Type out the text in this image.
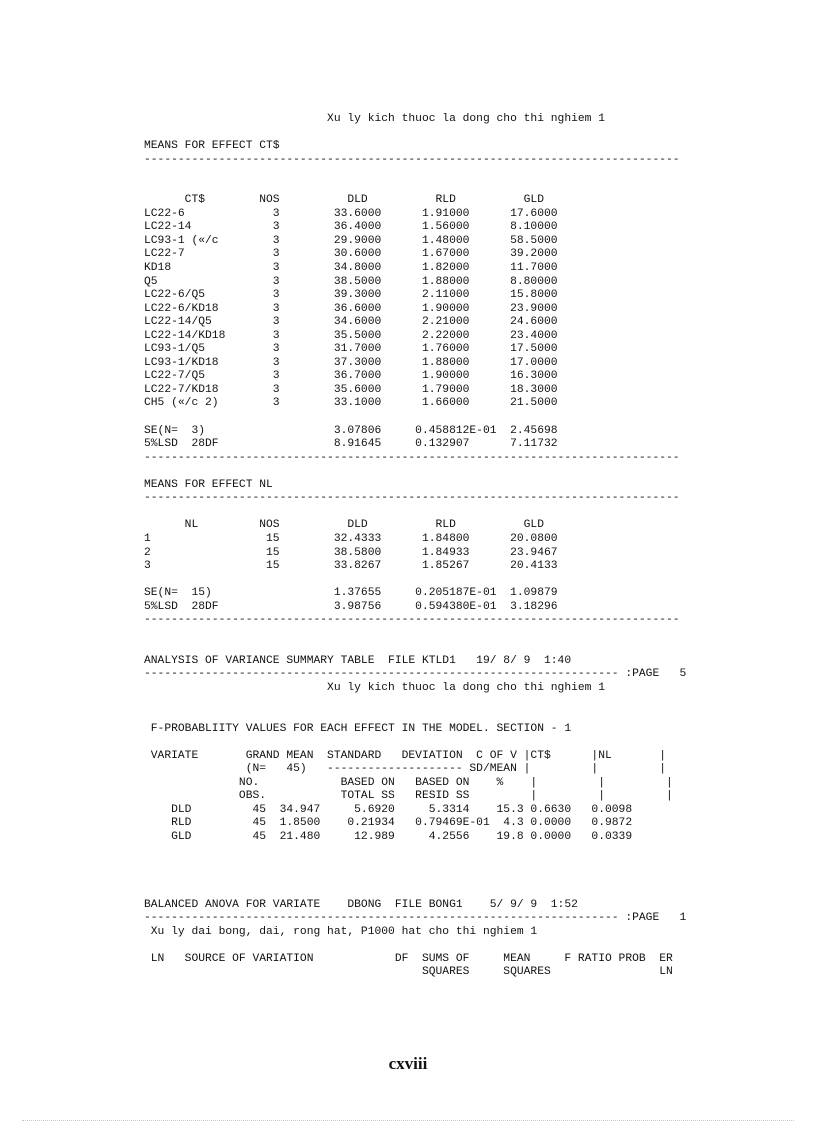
Xu ly kich thuoc la dong cho thi nghiem 1
MEANS FOR EFFECT CT$
-------------------------------------------------------------------------------
CT$        NOS          DLD          RLD          GLD
LC22-6             3        33.6000      1.91000      17.6000
LC22-14            3        36.4000      1.56000      8.10000
LC93-1 («/c        3        29.9000      1.48000      58.5000
LC22-7             3        30.6000      1.67000      39.2000
KD18               3        34.8000      1.82000      11.7000
Q5                 3        38.5000      1.88000      8.80000
LC22-6/Q5          3        39.3000      2.11000      15.8000
LC22-6/KD18        3        36.6000      1.90000      23.9000
LC22-14/Q5         3        34.6000      2.21000      24.6000
LC22-14/KD18       3        35.5000      2.22000      23.4000
LC93-1/Q5          3        31.7000      1.76000      17.5000
LC93-1/KD18        3        37.3000      1.88000      17.0000
LC22-7/Q5          3        36.7000      1.90000      16.3000
LC22-7/KD18        3        35.6000      1.79000      18.3000
CH5 («/c 2)        3        33.1000      1.66000      21.5000
SE(N=  3)                   3.07806     0.458812E-01  2.45698
5%LSD  28DF                 8.91645     0.132907      7.11732
-------------------------------------------------------------------------------
MEANS FOR EFFECT NL
-------------------------------------------------------------------------------
NL         NOS          DLD          RLD          GLD
1                 15        32.4333      1.84800      20.0800
2                 15        38.5800      1.84933      23.9467
3                 15        33.8267      1.85267      20.4133
SE(N=  15)                  1.37655     0.205187E-01  1.09879
5%LSD  28DF                 3.98756     0.594380E-01  3.18296
-------------------------------------------------------------------------------
ANALYSIS OF VARIANCE SUMMARY TABLE  FILE KTLD1   19/ 8/ 9  1:40
---------------------------------------------------------------------- :PAGE   5
Xu ly kich thuoc la dong cho thi nghiem 1
F-PROBABLIITY VALUES FOR EACH EFFECT IN THE MODEL. SECTION - 1
VARIATE       GRAND MEAN  STANDARD   DEVIATION  C OF V |CT$      |NL       |
(N=   45)   -------------------- SD/MEAN |         |         |
NO.            BASED ON   BASED ON    %    |         |         |
OBS.           TOTAL SS   RESID SS         |         |         |
DLD         45  34.947     5.6920     5.3314    15.3 0.6630   0.0098
RLD         45  1.8500    0.21934   0.79469E-01  4.3 0.0000   0.9872
GLD         45  21.480     12.989     4.2556    19.8 0.0000   0.0339
BALANCED ANOVA FOR VARIATE    DBONG  FILE BONG1    5/ 9/ 9  1:52
---------------------------------------------------------------------- :PAGE   1
Xu ly dai bong, dai, rong hat, P1000 hat cho thi nghiem 1
LN   SOURCE OF VARIATION            DF  SUMS OF     MEAN     F RATIO PROB  ER
SQUARES     SQUARES                LN
cxviii
